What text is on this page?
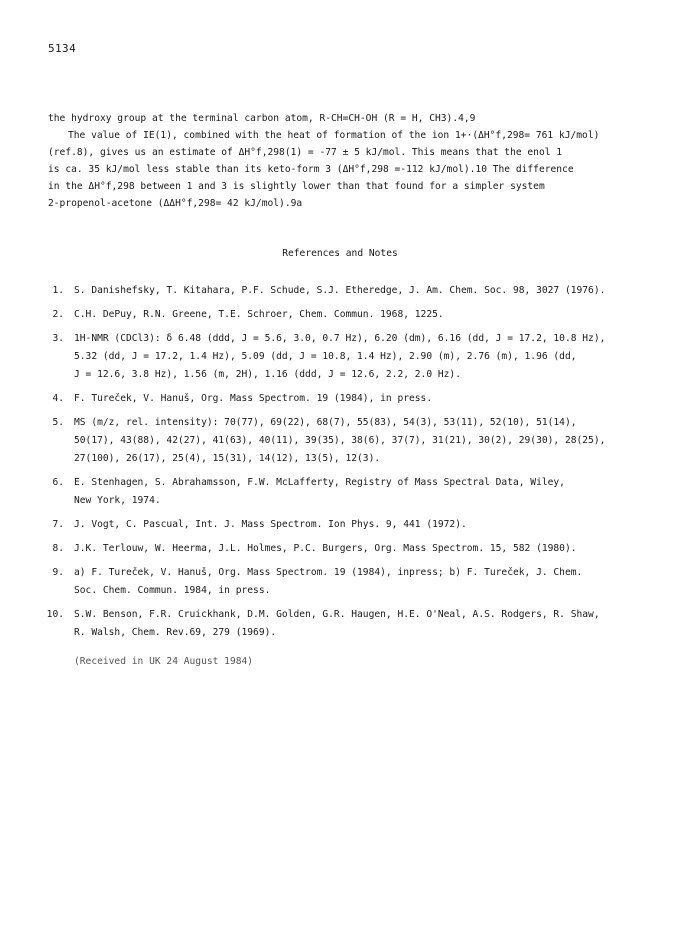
5134
the hydroxy group at the terminal carbon atom, R-CH=CH-OH (R = H, CH3).4,9
The value of IE(1), combined with the heat of formation of the ion 1+·(ΔH°f,298= 761 kJ/mol)
(ref.8), gives us an estimate of ΔH°f,298(1) = -77 ± 5 kJ/mol. This means that the enol 1
is ca. 35 kJ/mol less stable than its keto-form 3 (ΔH°f,298 =-112 kJ/mol).10 The difference
in the ΔH°f,298 between 1 and 3 is slightly lower than that found for a simpler system
2-propenol-acetone (ΔΔH°f,298= 42 kJ/mol).9a
References and Notes
1. S. Danishefsky, T. Kitahara, P.F. Schude, S.J. Etheredge, J. Am. Chem. Soc. 98, 3027 (1976).
2. C.H. DePuy, R.N. Greene, T.E. Schroer, Chem. Commun. 1968, 1225.
3. 1H-NMR (CDCl3): δ 6.48 (ddd, J = 5.6, 3.0, 0.7 Hz), 6.20 (dm), 6.16 (dd, J = 17.2, 10.8 Hz),
5.32 (dd, J = 17.2, 1.4 Hz), 5.09 (dd, J = 10.8, 1.4 Hz), 2.90 (m), 2.76 (m), 1.96 (dd,
J = 12.6, 3.8 Hz), 1.56 (m, 2H), 1.16 (ddd, J = 12.6, 2.2, 2.0 Hz).
4. F. Tureček, V. Hanuš, Org. Mass Spectrom. 19 (1984), in press.
5. MS (m/z, rel. intensity): 70(77), 69(22), 68(7), 55(83), 54(3), 53(11), 52(10), 51(14),
50(17), 43(88), 42(27), 41(63), 40(11), 39(35), 38(6), 37(7), 31(21), 30(2), 29(30), 28(25),
27(100), 26(17), 25(4), 15(31), 14(12), 13(5), 12(3).
6. E. Stenhagen, S. Abrahamsson, F.W. McLafferty, Registry of Mass Spectral Data, Wiley,
New York, 1974.
7. J. Vogt, C. Pascual, Int. J. Mass Spectrom. Ion Phys. 9, 441 (1972).
8. J.K. Terlouw, W. Heerma, J.L. Holmes, P.C. Burgers, Org. Mass Spectrom. 15, 582 (1980).
9. a) F. Tureček, V. Hanuš, Org. Mass Spectrom. 19 (1984), inpress; b) F. Tureček, J. Chem.
Soc. Chem. Commun. 1984, in press.
10. S.W. Benson, F.R. Cruickhank, D.M. Golden, G.R. Haugen, H.E. O'Neal, A.S. Rodgers, R. Shaw,
R. Walsh, Chem. Rev.69, 279 (1969).
(Received in UK 24 August 1984)
